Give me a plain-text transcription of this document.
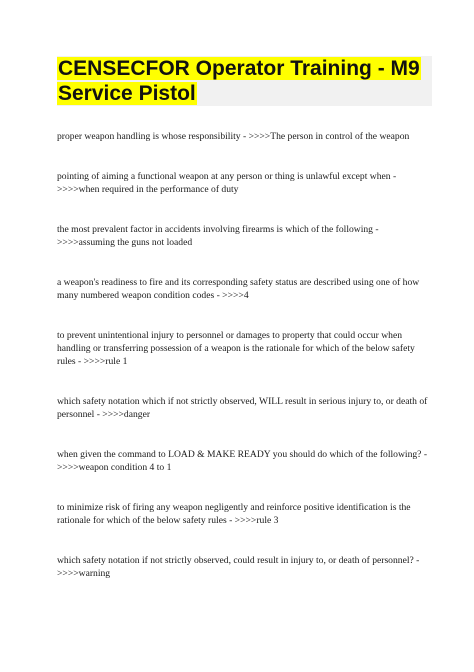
CENSECFOR Operator Training - M9
Service Pistol
proper weapon handling is whose responsibility - >>>>The person in control of the weapon
pointing of aiming a functional weapon at any person or thing is unlawful except when -
>>>>when required in the performance of duty
the most prevalent factor in accidents involving firearms is which of the following -
>>>>assuming the guns not loaded
a weapon's readiness to fire and its corresponding safety status are described using one of how
many numbered weapon condition codes - >>>>4
to prevent unintentional injury to personnel or damages to property that could occur when
handling or transferring possession of a weapon is the rationale for which of the below safety
rules - >>>>rule 1
which safety notation which if not strictly observed, WILL result in serious injury to, or death of
personnel - >>>>danger
when given the command to LOAD & MAKE READY you should do which of the following? -
>>>>weapon condition 4 to 1
to minimize risk of firing any weapon negligently and reinforce positive identification is the
rationale for which of the below safety rules - >>>>rule 3
which safety notation if not strictly observed, could result in injury to, or death of personnel? -
>>>>warning
